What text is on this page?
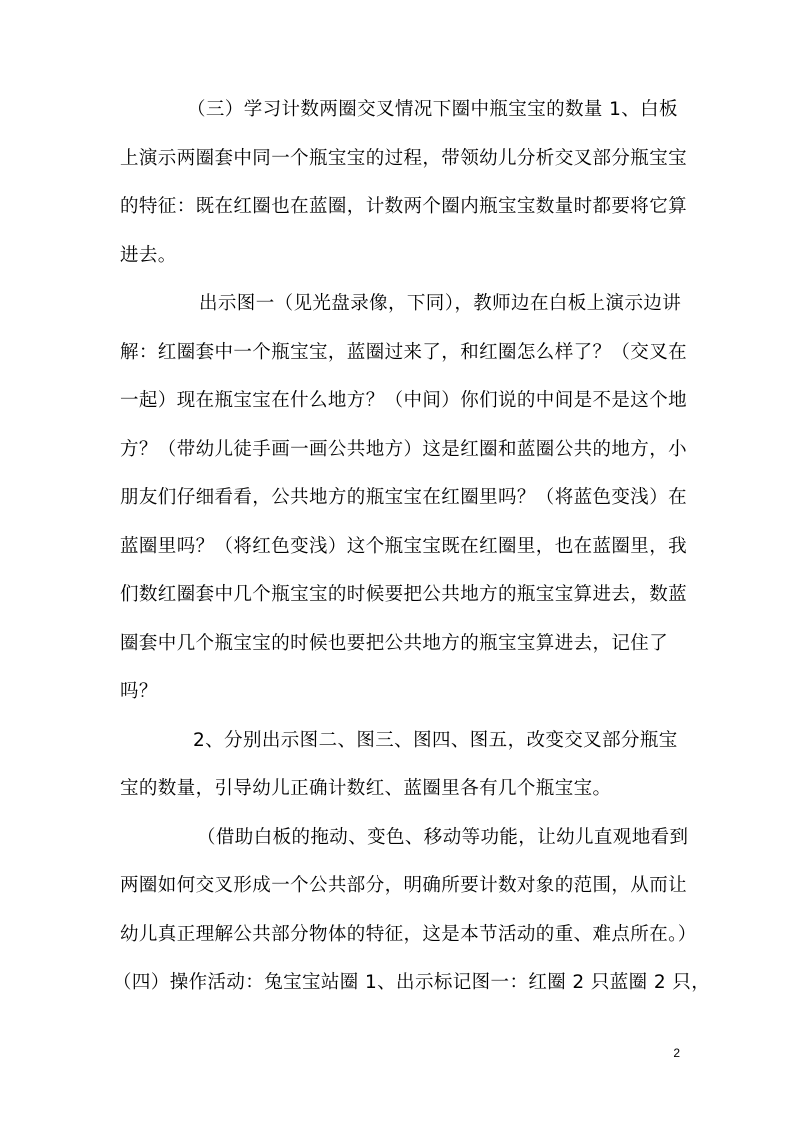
（三）学习计数两圈交叉情况下圈中瓶宝宝的数量 1、白板
上演示两圈套中同一个瓶宝宝的过程，带领幼儿分析交叉部分瓶宝宝
的特征：既在红圈也在蓝圈，计数两个圈内瓶宝宝数量时都要将它算
进去。
出示图一（见光盘录像，下同），教师边在白板上演示边讲
解：红圈套中一个瓶宝宝，蓝圈过来了，和红圈怎么样了？（交叉在
一起）现在瓶宝宝在什么地方？（中间）你们说的中间是不是这个地
方？（带幼儿徒手画一画公共地方）这是红圈和蓝圈公共的地方，小
朋友们仔细看看，公共地方的瓶宝宝在红圈里吗？（将蓝色变浅）在
蓝圈里吗？（将红色变浅）这个瓶宝宝既在红圈里，也在蓝圈里，我
们数红圈套中几个瓶宝宝的时候要把公共地方的瓶宝宝算进去，数蓝
圈套中几个瓶宝宝的时候也要把公共地方的瓶宝宝算进去，记住了
吗？
2、分别出示图二、图三、图四、图五，改变交叉部分瓶宝
宝的数量，引导幼儿正确计数红、蓝圈里各有几个瓶宝宝。
（借助白板的拖动、变色、移动等功能，让幼儿直观地看到
两圈如何交叉形成一个公共部分，明确所要计数对象的范围，从而让
幼儿真正理解公共部分物体的特征，这是本节活动的重、难点所在。）
（四）操作活动：兔宝宝站圈 1、出示标记图一：红圈 2 只蓝圈 2 只，
2
